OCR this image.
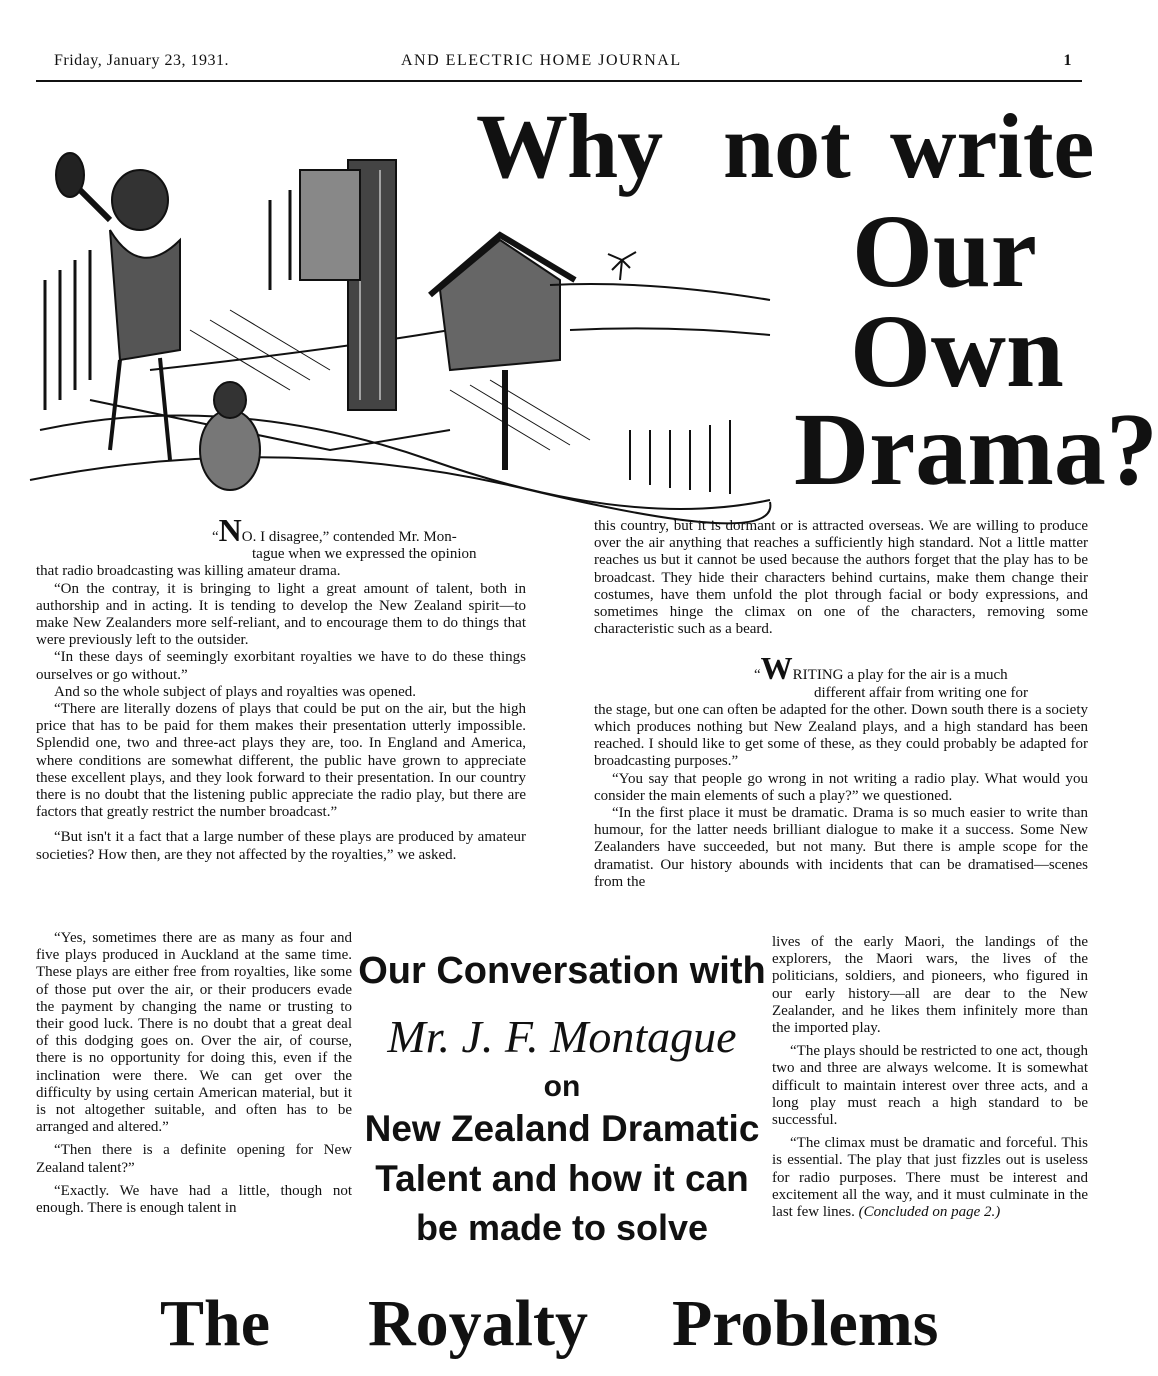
Friday, January 23, 1931.	AND ELECTRIC HOME JOURNAL	1
Why not write
Our
Own
Drama?

“NO. I disagree,” contended Mr. Mon-
tague when we expressed the opinion

that radio broadcasting was killing amateur drama.

“On the contray, it is bringing to light a great amount of talent, both in authorship and in acting. It is tending to develop the New Zealand spirit—to make New Zealanders more self-reliant, and to encourage them to do things that were previously left to the outsider.

“In these days of seemingly exorbitant royalties we have to do these things ourselves or go without.”

And so the whole subject of plays and royalties was opened.

“There are literally dozens of plays that could be put on the air, but the high price that has to be paid for them makes their presentation utterly impossible. Splendid one, two and three-act plays they are, too. In England and America, where conditions are somewhat different, the public have grown to appreciate these excellent plays, and they look forward to their presentation. In our country there is no doubt that the listening public appreciate the radio play, but there are factors that greatly restrict the number broadcast.”

“But isn't it a fact that a large number of these plays are produced by amateur societies? How then, are they not affected by the royalties,” we asked.

“Yes, sometimes there are as many as four and five plays produced in Auckland at the same time. These plays are either free from royalties, like some of those put over the air, or their producers evade the payment by changing the name or trusting to their good luck. There is no doubt that a great deal of this dodging goes on. Over the air, of course, there is no opportunity for doing this, even if the inclination were there. We can get over the difficulty by using certain American material, but it is not altogether suitable, and often has to be arranged and altered.”

“Then there is a definite opening for New Zealand talent?”

“Exactly. We have had a little, though not enough. There is enough talent in

Our Conversation with
Mr. J. F. Montague
on
New Zealand Dramatic
Talent and how it can
be made to solve

this country, but it is dormant or is attracted overseas. We are willing to produce over the air anything that reaches a sufficiently high standard. Not a little matter reaches us but it cannot be used because the authors forget that the play has to be broadcast. They hide their characters behind curtains, make them change their costumes, have them unfold the plot through facial or body expressions, and sometimes hinge the climax on one of the characters, removing some characteristic such as a beard.

“WRITING a play for the air is a much
different affair from writing one for

the stage, but one can often be adapted for the other. Down south there is a society which produces nothing but New Zealand plays, and a high standard has been reached. I should like to get some of these, as they could probably be adapted for broadcasting purposes.”

“You say that people go wrong in not writing a radio play. What would you consider the main elements of such a play?” we questioned.

“In the first place it must be dramatic. Drama is so much easier to write than humour, for the latter needs brilliant dialogue to make it a success. Some New Zealanders have succeeded, but not many. But there is ample scope for the dramatist. Our history abounds with incidents that can be dramatised—scenes from the

lives of the early Maori, the landings of the explorers, the Maori wars, the lives of the politicians, soldiers, and pioneers, who figured in our early history—all are dear to the New Zealander, and he likes them infinitely more than the imported play.

“The plays should be restricted to one act, though two and three are always welcome. It is somewhat difficult to maintain interest over three acts, and a long play must reach a high standard to be successful.

“The climax must be dramatic and forceful. This is essential. The play that just fizzles out is useless for radio purposes. There must be interest and excitement all the way, and it must culminate in the last few lines. (Concluded on page 2.)

The Royalty Problems
